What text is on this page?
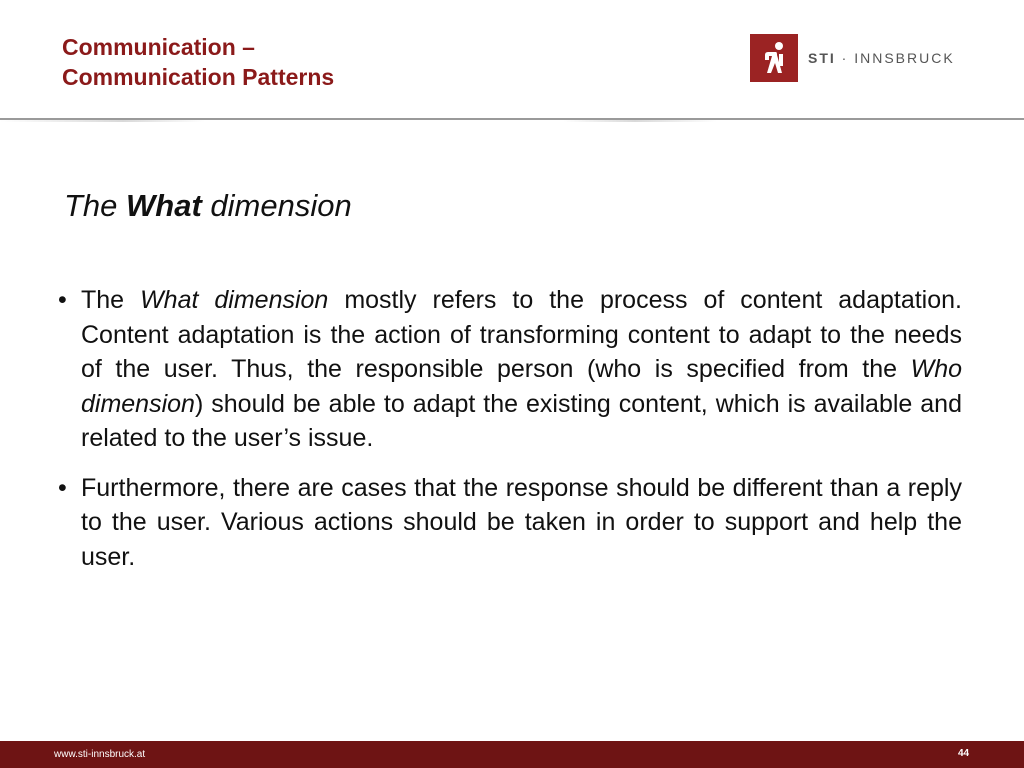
Communication –
Communication Patterns
STI · INNSBRUCK
The What dimension
• The What dimension mostly refers to the process of content adaptation. Content adaptation is the action of transforming content to adapt to the needs of the user. Thus, the responsible person (who is specified from the Who dimension) should be able to adapt the existing content, which is available and related to the user’s issue.
• Furthermore, there are cases that the response should be different than a reply to the user. Various actions should be taken in order to support and help the user.
www.sti-innsbruck.at	44
